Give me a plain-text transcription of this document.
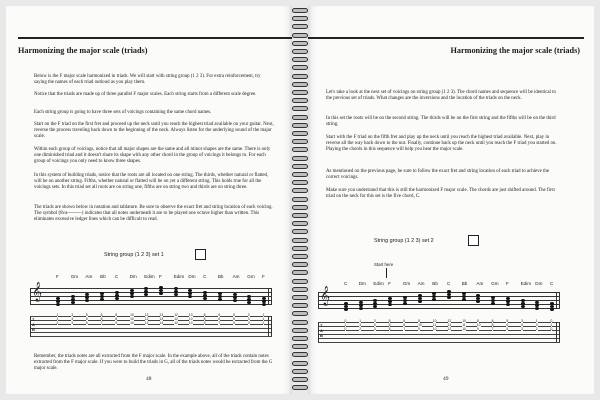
Harmonizing the major scale (triads)

Below is the F major scale harmonized in triads. We will start with string group (1 2 3). For extra reinforcement, try saying the names of each triad outloud as you play them.

Notice that the triads are made up of three parallel F major scales. Each string starts from a different scale degree.

Each string group is going to have three sets of voicings containing the same chord names.

Start on the F triad on the first fret and proceed up the neck until you reach the highest triad available on your guitar. Next, reverse the process traveling back down to the beginning of the neck. Always listen for the underlying sound of the major scale.

Within each group of voicings, notice that all major shapes are the same and all minor shapes are the same. There is only one diminished triad and it doesn't share its shape with any other chord in the group of voicings it belongs to. For each group of voicings you only need to know three shapes.

In this system of building triads, notice that the roots are all located on one string. The thirds, whether natural or flatted, will be on another string. Fifths, whether natural or flatted will be on yet a different string. This holds true for all the voicings sets. In this triad set all roots are on string one, fifths are on string two and thirds are on string three.

The triads are shown below in notation and tablature. Be sure to observe the exact fret and string location of each voicing. The symbol (8va---------) indicates that all notes underneath it are to be played one octave higher than written. This eliminates excessive ledger lines which can be difficult to read.

String group (1 2 3) set 1
F	Gm Am Bb C Dm Edim F	Edim Dm C Bb Am Gm F
𝄞
T
A
B
1	3	5	6	8	10	12	13	12	10	8	6	5	3	1
1	3	5	6	8	10	12	13	12	10	8	6	5	3	1
2	3	5	7	9	10	12	14	12	10	9	7	5	3	2

Remember, the triads notes are all extracted from the F major scale. In the example above, all of the triads contain notes extracted from the F major scale. If you were to build the triads in G, all of the triads notes would be extracted from the G major scale.

48
Harmonizing the major scale (triads)

Let's take a look at the next set of voicings on string group (1 2 3). The chord names and sequence will be identical to the previous set of triads. What changes are the inversions and the location of the triads on the neck.

In this set the roots will be on the second string. The thirds will be on the first string and the fifths will be on the third string.

Start with the F triad on the fifth fret and play up the neck until you reach the highest triad available. Next, play in reverse all the way back down to the nut. Finally, continue back up the neck until you reach the F triad you started on. Playing the chords in this sequence will help you hear the major scale.

As mentioned on the previous page, be sure to follow the exact fret and string location of each triad to achieve the correct voicings.

Make sure you understand that this is still the harmonized F major scale. The chords are just shifted around. The first triad on the neck for this set is the five chord, C.

String group (1 2 3) set 2
Start here
C Dm Edim F	Gm Am Bb C Bb Am Gm F	Edim Dm C
𝄞
T
A
B
0	1	3	5	6	8	10	12	10	8	6	5	3	1	0
1	3	5	6	8	10	11	13	11	10	8	6	5	3	1
0	2	3	5	7	9	10	12	10	9	7	5	3	2	0
49
